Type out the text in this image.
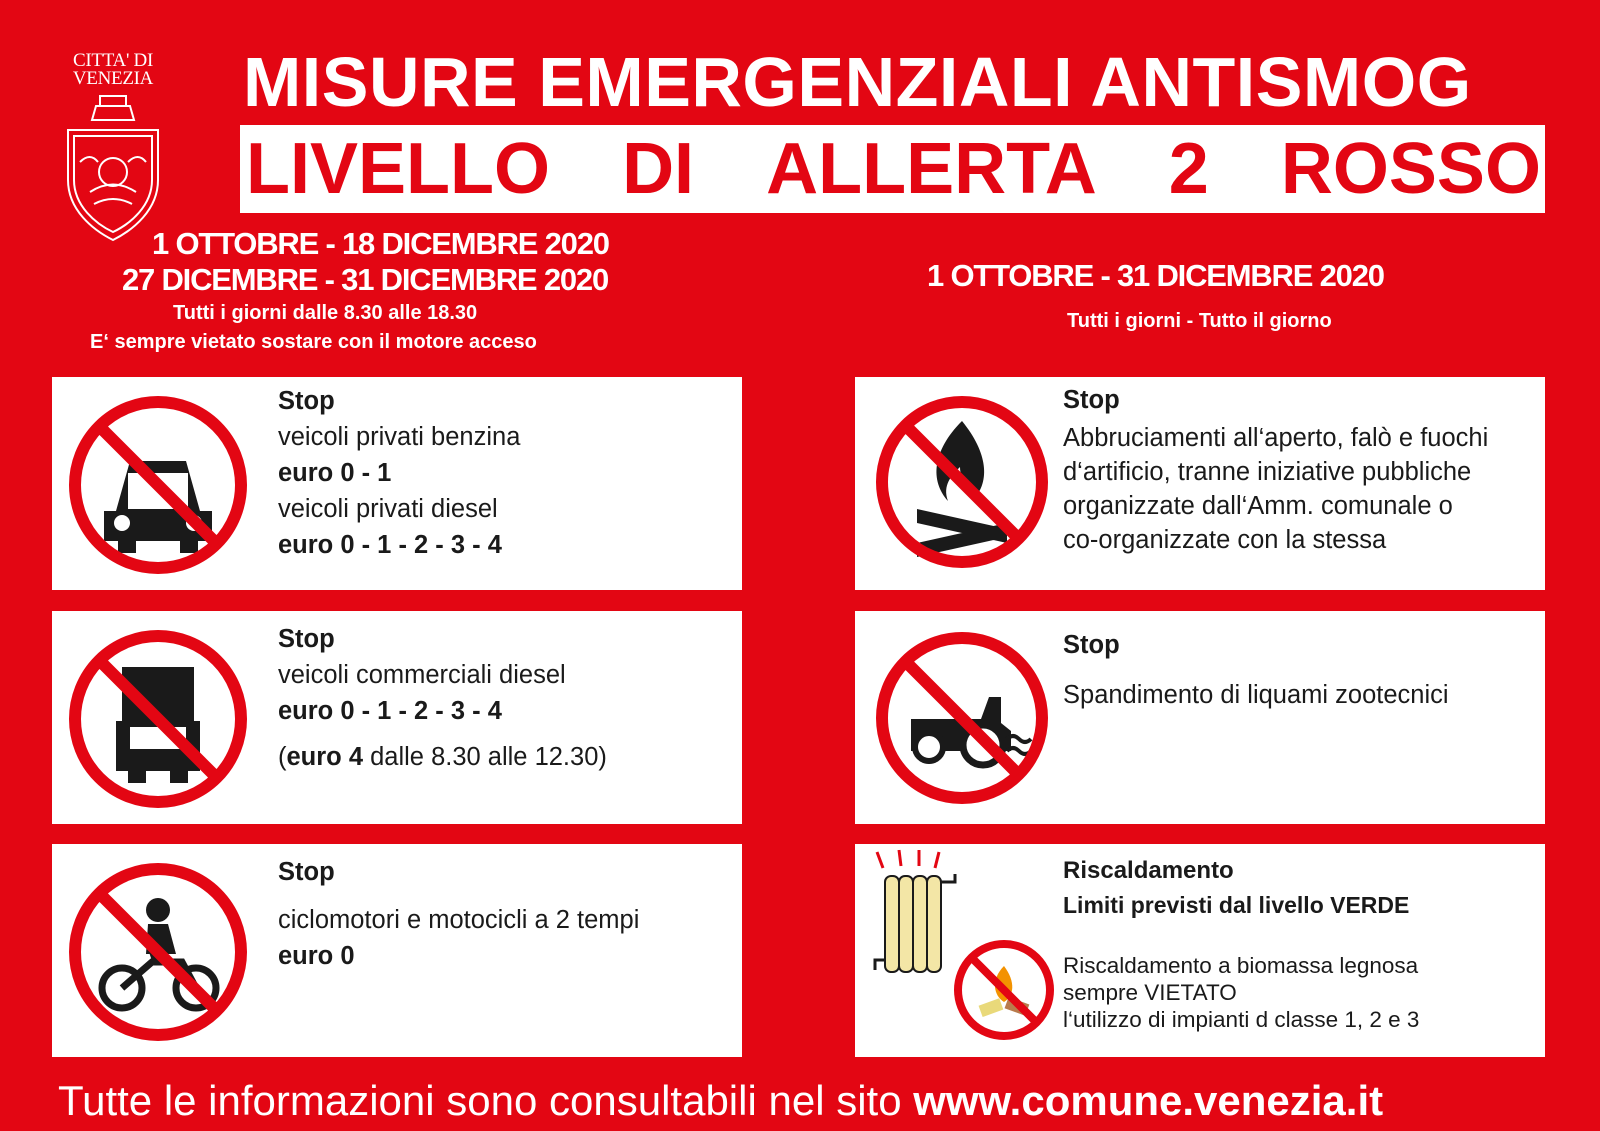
CITTA' DI
VENEZIA MISURE EMERGENZIALI ANTISMOG
LIVELLO DI ALLERTA 2 ROSSO
1 OTTOBRE - 18 DICEMBRE 2020
27 DICEMBRE - 31 DICEMBRE 2020
Tutti i giorni dalle 8.30 alle 18.30
E‘ sempre vietato sostare con il motore acceso
1 OTTOBRE - 31 DICEMBRE 2020
Tutti i giorni - Tutto il giorno
Stop
veicoli privati benzina
euro 0 - 1
veicoli privati diesel
euro 0 - 1 - 2 - 3 - 4
Stop
veicoli commerciali diesel
euro 0 - 1 - 2 - 3 - 4
(euro 4 dalle 8.30 alle 12.30)
Stop
ciclomotori e motocicli a 2 tempi
euro 0
Stop
Abbruciamenti all‘aperto, falò e fuochi
d‘artificio, tranne iniziative pubbliche
organizzate dall‘Amm. comunale o
co-organizzate con la stessa
Stop
Spandimento di liquami zootecnici
Riscaldamento
Limiti previsti dal livello VERDE
Riscaldamento a biomassa legnosa
sempre VIETATO
l‘utilizzo di impianti d classe 1, 2 e 3
Tutte le informazioni sono consultabili nel sito www.comune.venezia.it
